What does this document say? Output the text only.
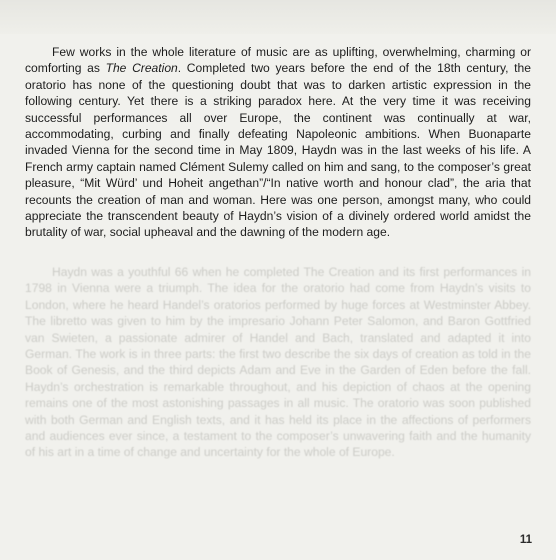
Few works in the whole literature of music are as uplifting, overwhelming, charming or comforting as The Creation. Completed two years before the end of the 18th century, the oratorio has none of the questioning doubt that was to darken artistic expression in the following century. Yet there is a striking paradox here. At the very time it was receiving successful performances all over Europe, the continent was continually at war, accommodating, curbing and finally defeating Napoleonic ambitions. When Buonaparte invaded Vienna for the second time in May 1809, Haydn was in the last weeks of his life. A French army captain named Clément Sulemy called on him and sang, to the composer’s great pleasure, “Mit Würd’ und Hoheit angethan”/“In native worth and honour clad”, the aria that recounts the creation of man and woman. Here was one person, amongst many, who could appreciate the transcendent beauty of Haydn’s vision of a divinely ordered world amidst the brutality of war, social upheaval and the dawning of the modern age.

Haydn was a youthful 66 when he completed The Creation and its first performances in 1798 in Vienna were a triumph. The idea for the oratorio had come from Haydn’s visits to London, where he heard Handel’s oratorios performed by huge forces at Westminster Abbey. The libretto was given to him by the impresario Johann Peter Salomon, and Baron Gottfried van Swieten, a passionate admirer of Handel and Bach, translated and adapted it into German. The work is in three parts: the first two describe the six days of creation as told in the Book of Genesis, and the third depicts Adam and Eve in the Garden of Eden before the fall. Haydn’s orchestration is remarkable throughout, and his depiction of chaos at the opening remains one of the most astonishing passages in all music. The oratorio was soon published with both German and English texts, and it has held its place in the affections of performers and audiences ever since, a testament to the composer’s unwavering faith and the humanity of his art in a time of change and uncertainty for the whole of Europe.

11
